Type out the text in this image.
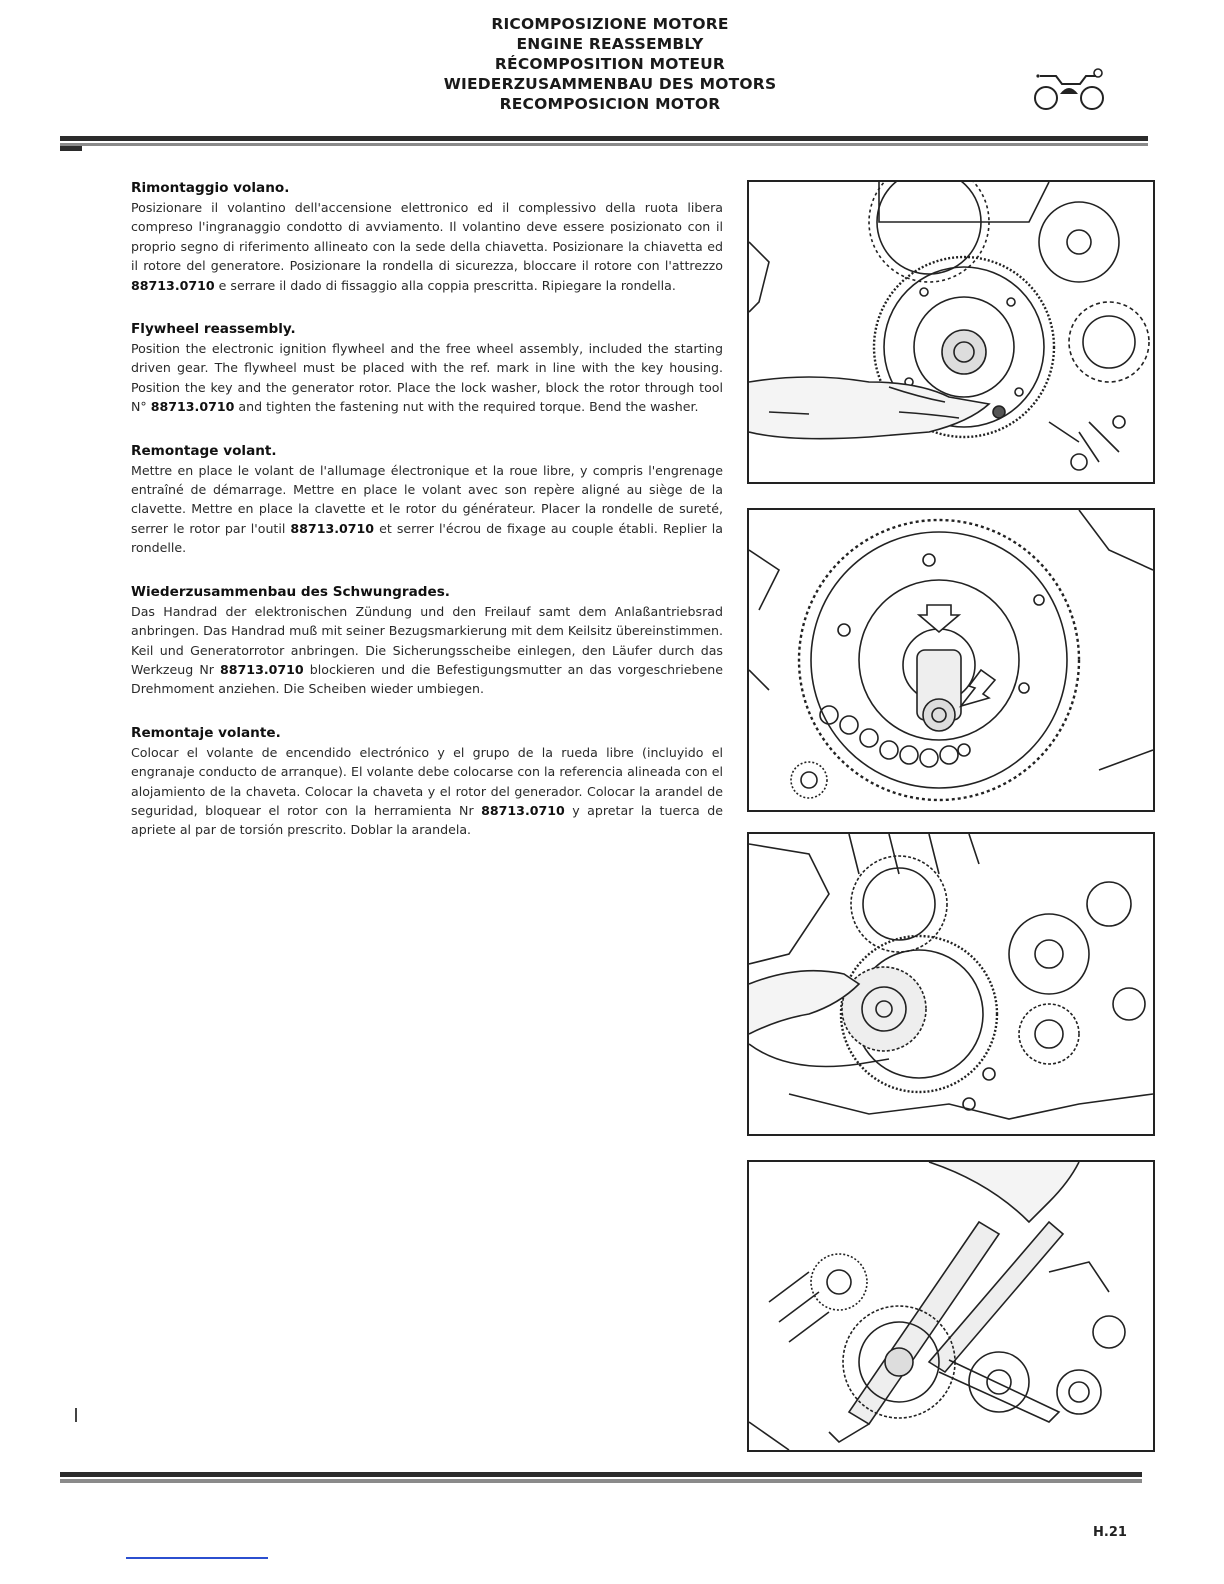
RICOMPOSIZIONE MOTORE
ENGINE REASSEMBLY
RÉCOMPOSITION MOTEUR
WIEDERZUSAMMENBAU DES MOTORS
RECOMPOSICION MOTOR
Rimontaggio volano.

Posizionare il volantino dell'accensione elettronico ed il complessivo della ruota libera compreso l'ingranaggio condotto di avviamento. Il volantino deve essere posizionato con il proprio segno di riferimento allineato con la sede della chiavetta. Posizionare la chiavetta ed il rotore del generatore. Posizionare la rondella di sicurezza, bloccare il rotore con l'attrezzo 88713.0710 e serrare il dado di fissaggio alla coppia prescritta. Ripiegare la rondella.

Flywheel reassembly.

Position the electronic ignition flywheel and the free wheel assembly, included the starting driven gear. The flywheel must be placed with the ref. mark in line with the key housing. Position the key and the generator rotor. Place the lock washer, block the rotor through tool N° 88713.0710 and tighten the fastening nut with the required torque. Bend the washer.

Remontage volant.

Mettre en place le volant de l'allumage électronique et la roue libre, y compris l'engrenage entraîné de démarrage. Mettre en place le volant avec son repère aligné au siège de la clavette. Mettre en place la clavette et le rotor du générateur. Placer la rondelle de sureté, serrer le rotor par l'outil 88713.0710 et serrer l'écrou de fixage au couple établi. Replier la rondelle.

Wiederzusammenbau des Schwungrades.

Das Handrad der elektronischen Zündung und den Freilauf samt dem Anlaßantriebsrad anbringen. Das Handrad muß mit seiner Bezugsmarkierung mit dem Keilsitz übereinstimmen. Keil und Generatorrotor anbringen. Die Sicherungsscheibe einlegen, den Läufer durch das Werkzeug Nr 88713.0710 blockieren und die Befestigungsmutter an das vorgeschriebene Drehmoment anziehen. Die Scheiben wieder umbiegen.

Remontaje volante.

Colocar el volante de encendido electrónico y el grupo de la rueda libre (incluyido el engranaje conducto de arranque). El volante debe colocarse con la referencia alineada con el alojamiento de la chaveta. Colocar la chaveta y el rotor del generador. Colocar la arandel de seguridad, bloquear el rotor con la herramienta Nr 88713.0710 y apretar la tuerca de apriete al par de torsión prescrito. Doblar la arandela.

H.21
